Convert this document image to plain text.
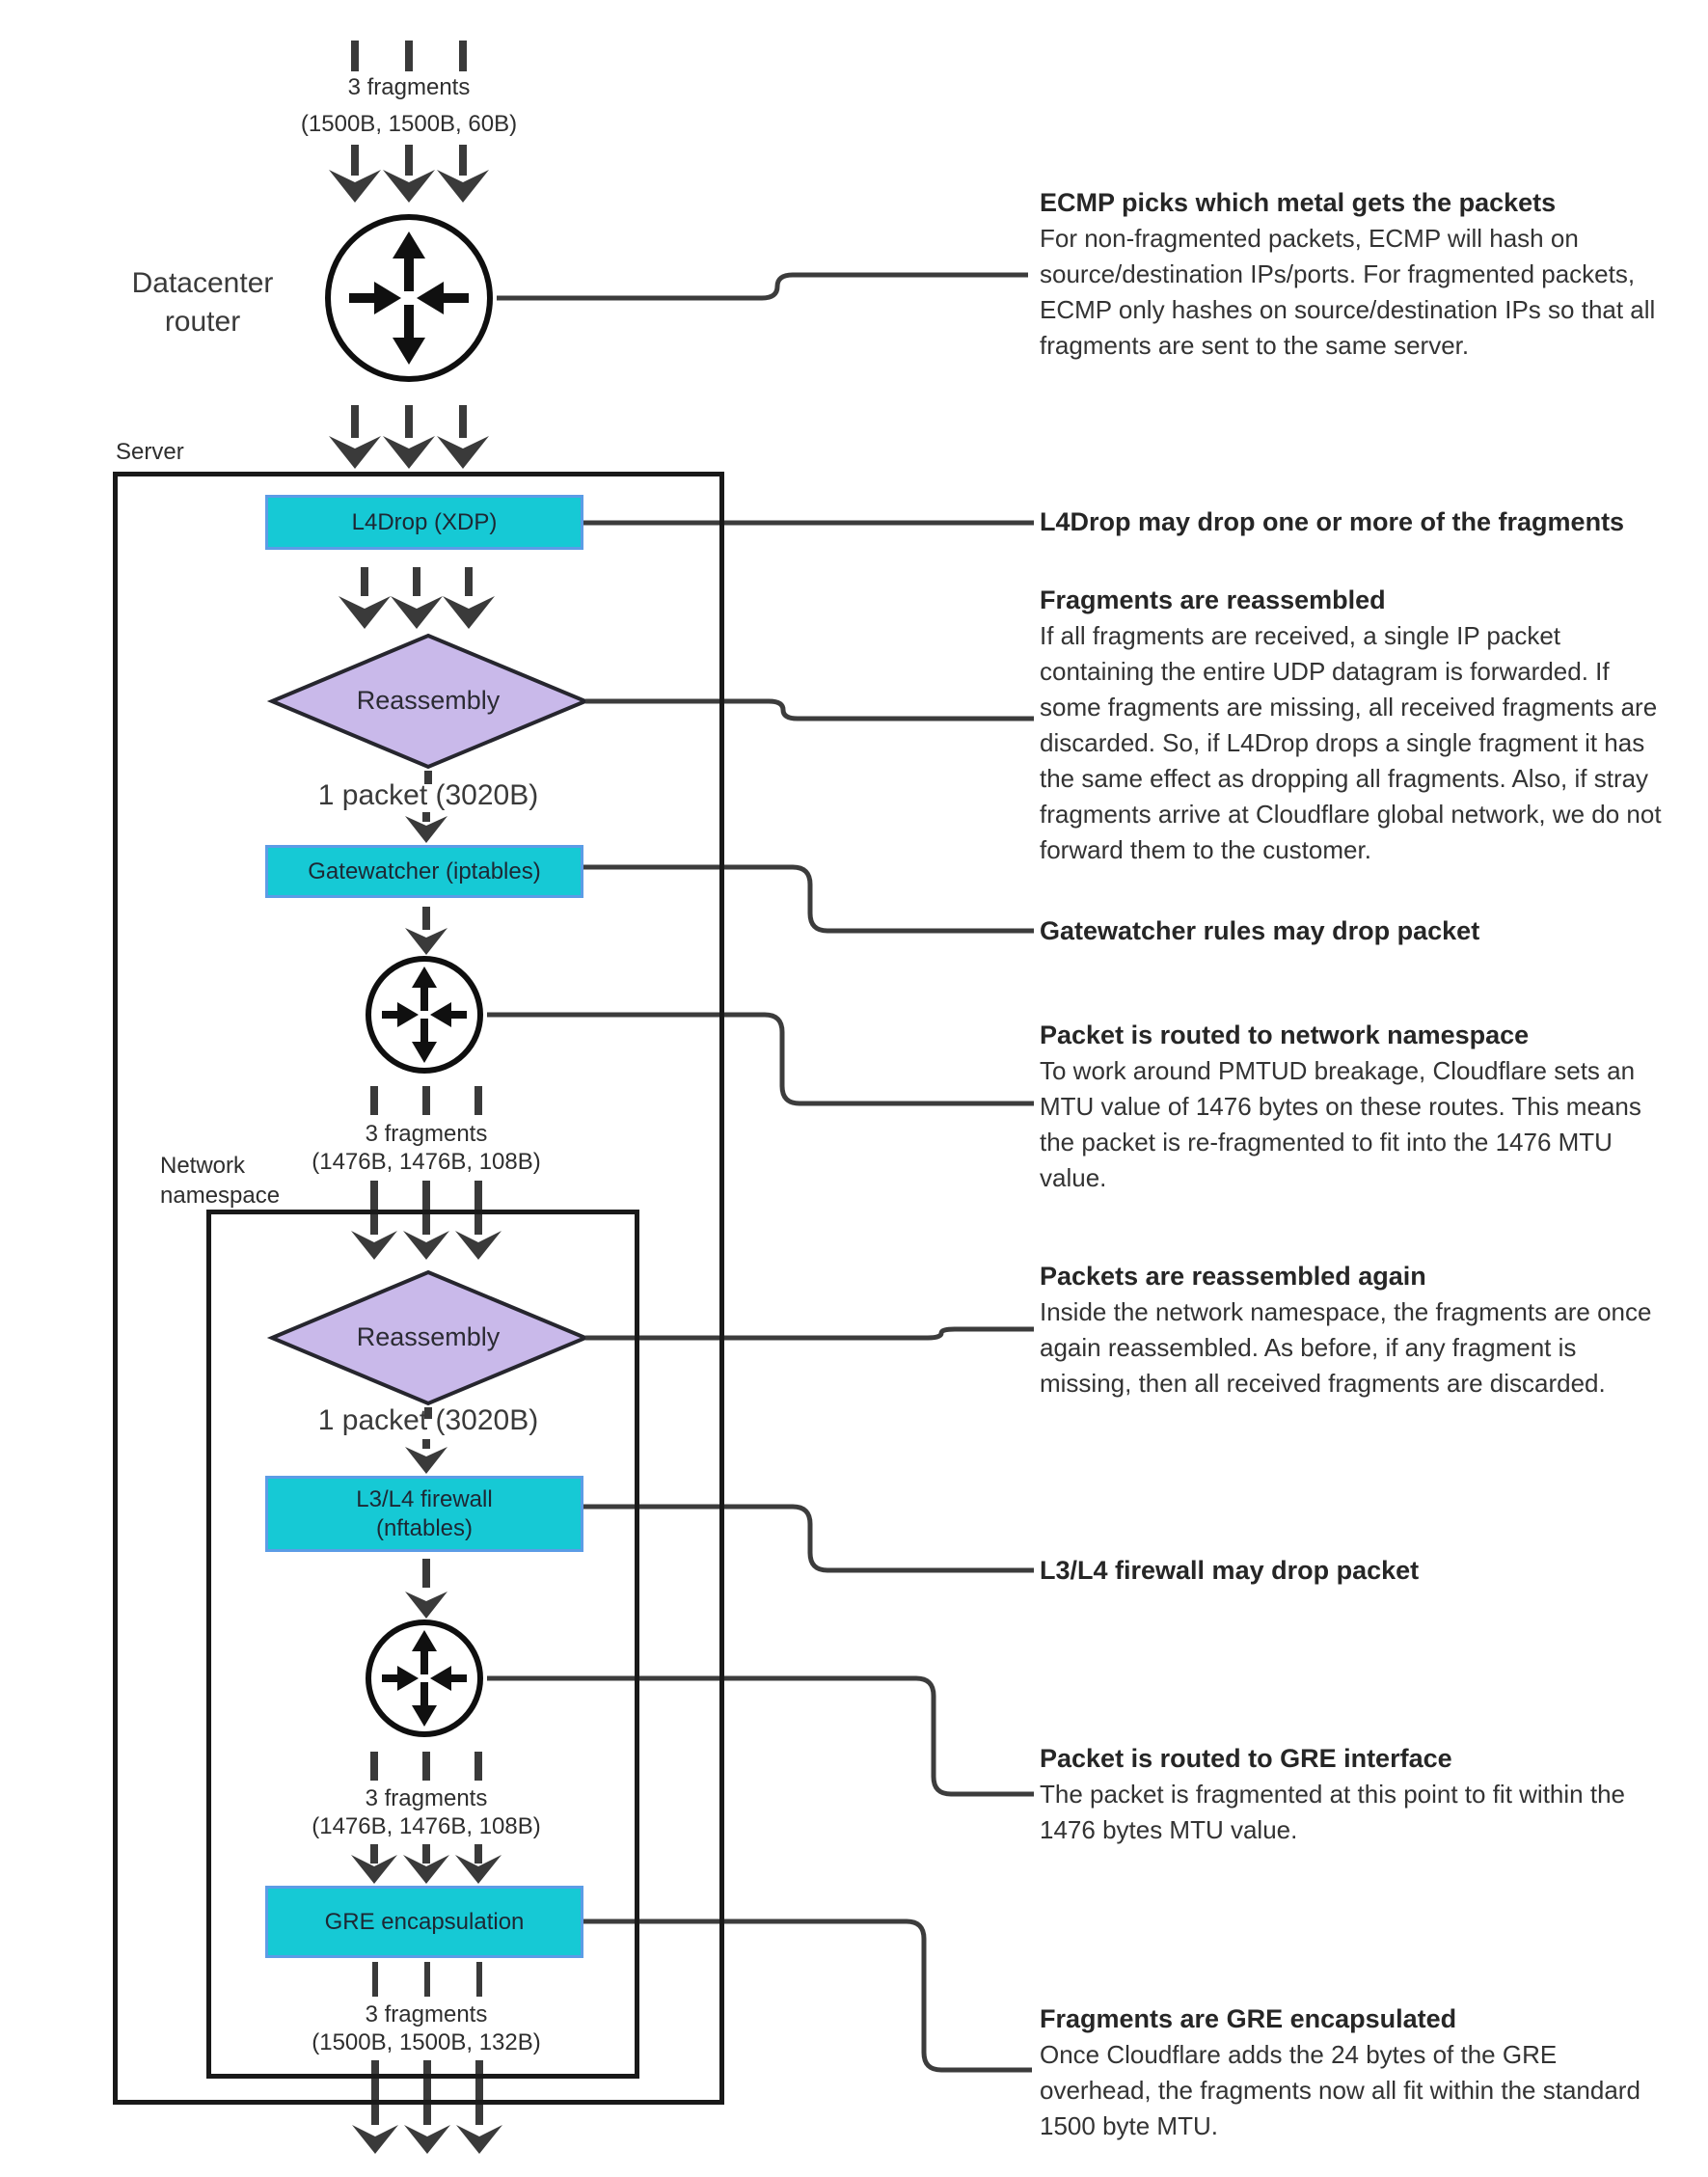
L4Drop (XDP)
Gatewatcher (iptables)
L3/L4 firewall
(nftables)
GRE encapsulation
3 fragments
(1500B, 1500B, 60B)
Datacenter
router
Server
Reassembly
1 packet (3020B)
3 fragments
(1476B, 1476B, 108B)
Network
namespace
Reassembly
1 packet (3020B)
3 fragments
(1476B, 1476B, 108B)
3 fragments
(1500B, 1500B, 132B)
ECMP picks which metal gets the packets

For non-fragmented packets, ECMP will hash on source/destination IPs/ports. For fragmented packets, ECMP only hashes on source/destination IPs so that all fragments are sent to the same server.

L4Drop may drop one or more of the fragments
Fragments are reassembled

If all fragments are received, a single IP packet containing the entire UDP datagram is forwarded. If some fragments are missing, all received fragments are discarded. So, if L4Drop drops a single fragment it has the same effect as dropping all fragments. Also, if stray fragments arrive at Cloudflare global network, we do not forward them to the customer.

Gatewatcher rules may drop packet
Packet is routed to network namespace

To work around PMTUD breakage, Cloudflare sets an MTU value of 1476 bytes on these routes. This means the packet is re-fragmented to fit into the 1476 MTU value.

Packets are reassembled again

Inside the network namespace, the fragments are once again reassembled. As before, if any fragment is missing, then all received fragments are discarded.

L3/L4 firewall may drop packet
Packet is routed to GRE interface

The packet is fragmented at this point to fit within the 1476 bytes MTU value.

Fragments are GRE encapsulated

Once Cloudflare adds the 24 bytes of the GRE overhead, the fragments now all fit within the standard 1500 byte MTU.
